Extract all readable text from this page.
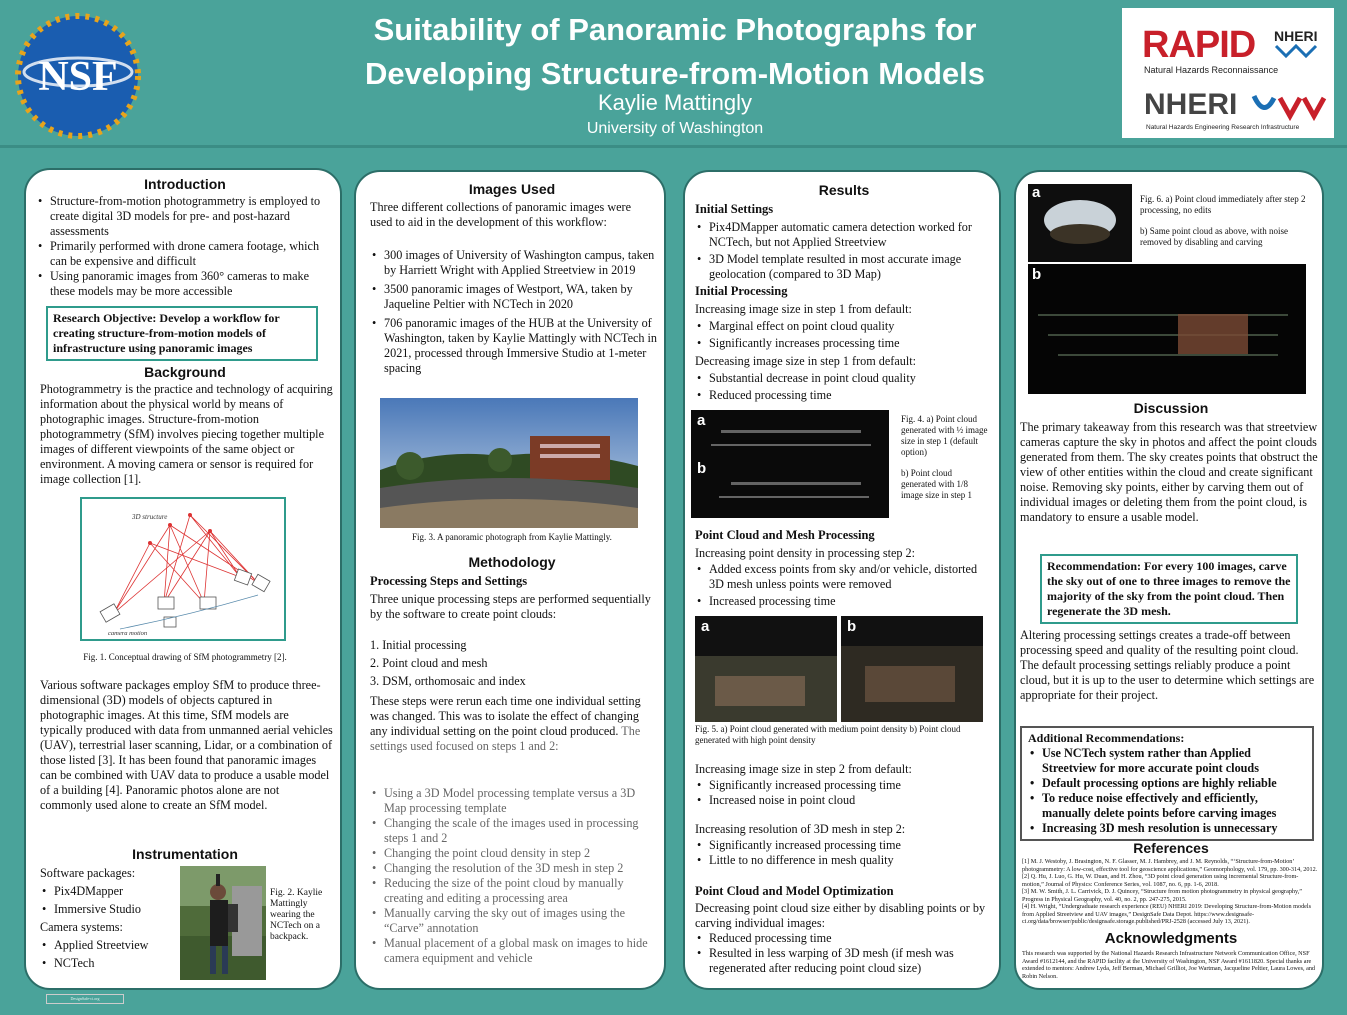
NSF
Suitability of Panoramic Photographs for
Developing Structure-from-Motion Models
Kaylie Mattingly
University of Washington
RAPID NHERI
Natural Hazards Reconnaissance
NHERI
Natural Hazards Engineering Research Infrastructure
Introduction
• Structure-from-motion photogrammetry is employed to create digital 3D models for pre- and post-hazard assessments
• Primarily performed with drone camera footage, which can be expensive and difficult
• Using panoramic images from 360° cameras to make these models may be more accessible
Research Objective: Develop a workflow for creating structure-from-motion models of infrastructure using panoramic images
Background

Photogrammetry is the practice and technology of acquiring information about the physical world by means of photographic images. Structure-from-motion photogrammetry (SfM) involves piecing together multiple images of different viewpoints of the same object or environment. A moving camera or sensor is required for image collection [1].

3D structure
camera motion
Fig. 1. Conceptual drawing of SfM photogrammetry [2].

Various software packages employ SfM to produce three-dimensional (3D) models of objects captured in photographic images. At this time, SfM models are typically produced with data from unmanned aerial vehicles (UAV), terrestrial laser scanning, Lidar, or a combination of those listed [3]. It has been found that panoramic images can be combined with UAV data to produce a usable model of a building [4]. Panoramic photos alone are not commonly used alone to create an SfM model.

Instrumentation

Software packages:

• Pix4DMapper
• Immersive Studio

Camera systems:

• Applied Streetview
• NCTech
Fig. 2. Kaylie Mattingly wearing the NCTech on a backpack.
DesignSafe-ci.org
Images Used

Three different collections of panoramic images were used to aid in the development of this workflow:

• 300 images of University of Washington campus, taken by Harriett Wright with Applied Streetview in 2019
• 3500 panoramic images of Westport, WA, taken by Jaqueline Peltier with NCTech in 2020
• 706 panoramic images of the HUB at the University of Washington, taken by Kaylie Mattingly with NCTech in 2021, processed through Immersive Studio at 1-meter spacing
Fig. 3. A panoramic photograph from Kaylie Mattingly.
Methodology
Processing Steps and Settings

Three unique processing steps are performed sequentially by the software to create point clouds:

1. Initial processing

2. Point cloud and mesh

3. DSM, orthomosaic and index

These steps were rerun each time one individual setting was changed. This was to isolate the effect of changing any individual setting on the point cloud produced. The settings used focused on steps 1 and 2:

• Using a 3D Model processing template versus a 3D Map processing template
• Changing the scale of the images used in processing steps 1 and 2
• Changing the point cloud density in step 2
• Changing the resolution of the 3D mesh in step 2
• Reducing the size of the point cloud by manually creating and editing a processing area
• Manually carving the sky out of images using the “Carve” annotation
• Manual placement of a global mask on images to hide camera equipment and vehicle
Results
Initial Settings
• Pix4DMapper automatic camera detection worked for NCTech, but not Applied Streetview
• 3D Model template resulted in most accurate image geolocation (compared to 3D Map)
Initial Processing

Increasing image size in step 1 from default:

• Marginal effect on point cloud quality
• Significantly increases processing time

Decreasing image size in step 1 from default:

• Substantial decrease in point cloud quality
• Reduced processing time
a
b
Fig. 4. a) Point cloud generated with ½ image size in step 1 (default option)
b) Point cloud generated with 1/8 image size in step 1
Point Cloud and Mesh Processing

Increasing point density in processing step 2:

• Added excess points from sky and/or vehicle, distorted 3D mesh unless points were removed
• Increased processing time
a	b
Fig. 5. a) Point cloud generated with medium point density b) Point cloud generated with high point density

Increasing image size in step 2 from default:

• Significantly increased processing time
• Increased noise in point cloud

Increasing resolution of 3D mesh in step 2:

• Significantly increased processing time
• Little to no difference in mesh quality
Point Cloud and Model Optimization

Decreasing point cloud size either by disabling points or by carving individual images:

• Reduced processing time
• Resulted in less warping of 3D mesh (if mesh was regenerated after reducing point cloud size)
a	Fig. 6. a) Point cloud immediately after step 2 processing, no edits
b) Same point cloud as above, with noise removed by disabling and carving
b
Discussion

The primary takeaway from this research was that streetview cameras capture the sky in photos and affect the point clouds generated from them. The sky creates points that obstruct the view of other entities within the cloud and create significant noise. Removing sky points, either by carving them out of individual images or deleting them from the point cloud, is mandatory to ensure a usable model.

Recommendation: For every 100 images, carve the sky out of one to three images to remove the majority of the sky from the point cloud. Then regenerate the 3D mesh.

Altering processing settings creates a trade-off between processing speed and quality of the resulting point cloud. The default processing settings reliably produce a point cloud, but it is up to the user to determine which settings are appropriate for their project.

Additional Recommendations:
• Use NCTech system rather than Applied Streetview for more accurate point clouds
• Default processing options are highly reliable
• To reduce noise effectively and efficiently, manually delete points before carving images
• Increasing 3D mesh resolution is unnecessary
References

[1] M. J. Westoby, J. Brasington, N. F. Glasser, M. J. Hambrey, and J. M. Reynolds, “‘Structure-from-Motion’ photogrammetry: A low-cost, effective tool for geoscience applications,” Geomorphology, vol. 179, pp. 300-314, 2012.

[2] Q. Hu, J. Luo, G. Hu, W. Duan, and H. Zhou, “3D point cloud generation using incremental Structure-from-motion,” Journal of Physics: Conference Series, vol. 1087, no. 6, pp. 1-6, 2018.

[3] M. W. Smith, J. L. Carrivick, D. J. Quincey, “Structure from motion photogrammetry in physical geography,” Progress in Physical Geography, vol. 40, no. 2, pp. 247-275, 2015.

[4] H. Wright, “Undergraduate research experience (REU) NHERI 2019: Developing Structure-from-Motion models from Applied Streetview and UAV images,” DesignSafe Data Depot. https://www.designsafe-ci.org/data/browser/public/designsafe.storage.published/PRJ-2528 (accessed July 13, 2021).

Acknowledgments

This research was supported by the National Hazards Research Infrastructure Network Communication Office, NSF Award #1612144, and the RAPID facility at the University of Washington, NSF Award #1611820. Special thanks are extended to mentors: Andrew Lyda, Jeff Berman, Michael Grilliot, Joe Wartman, Jacqueline Peltier, Laura Lowes, and Robin Nelson.
